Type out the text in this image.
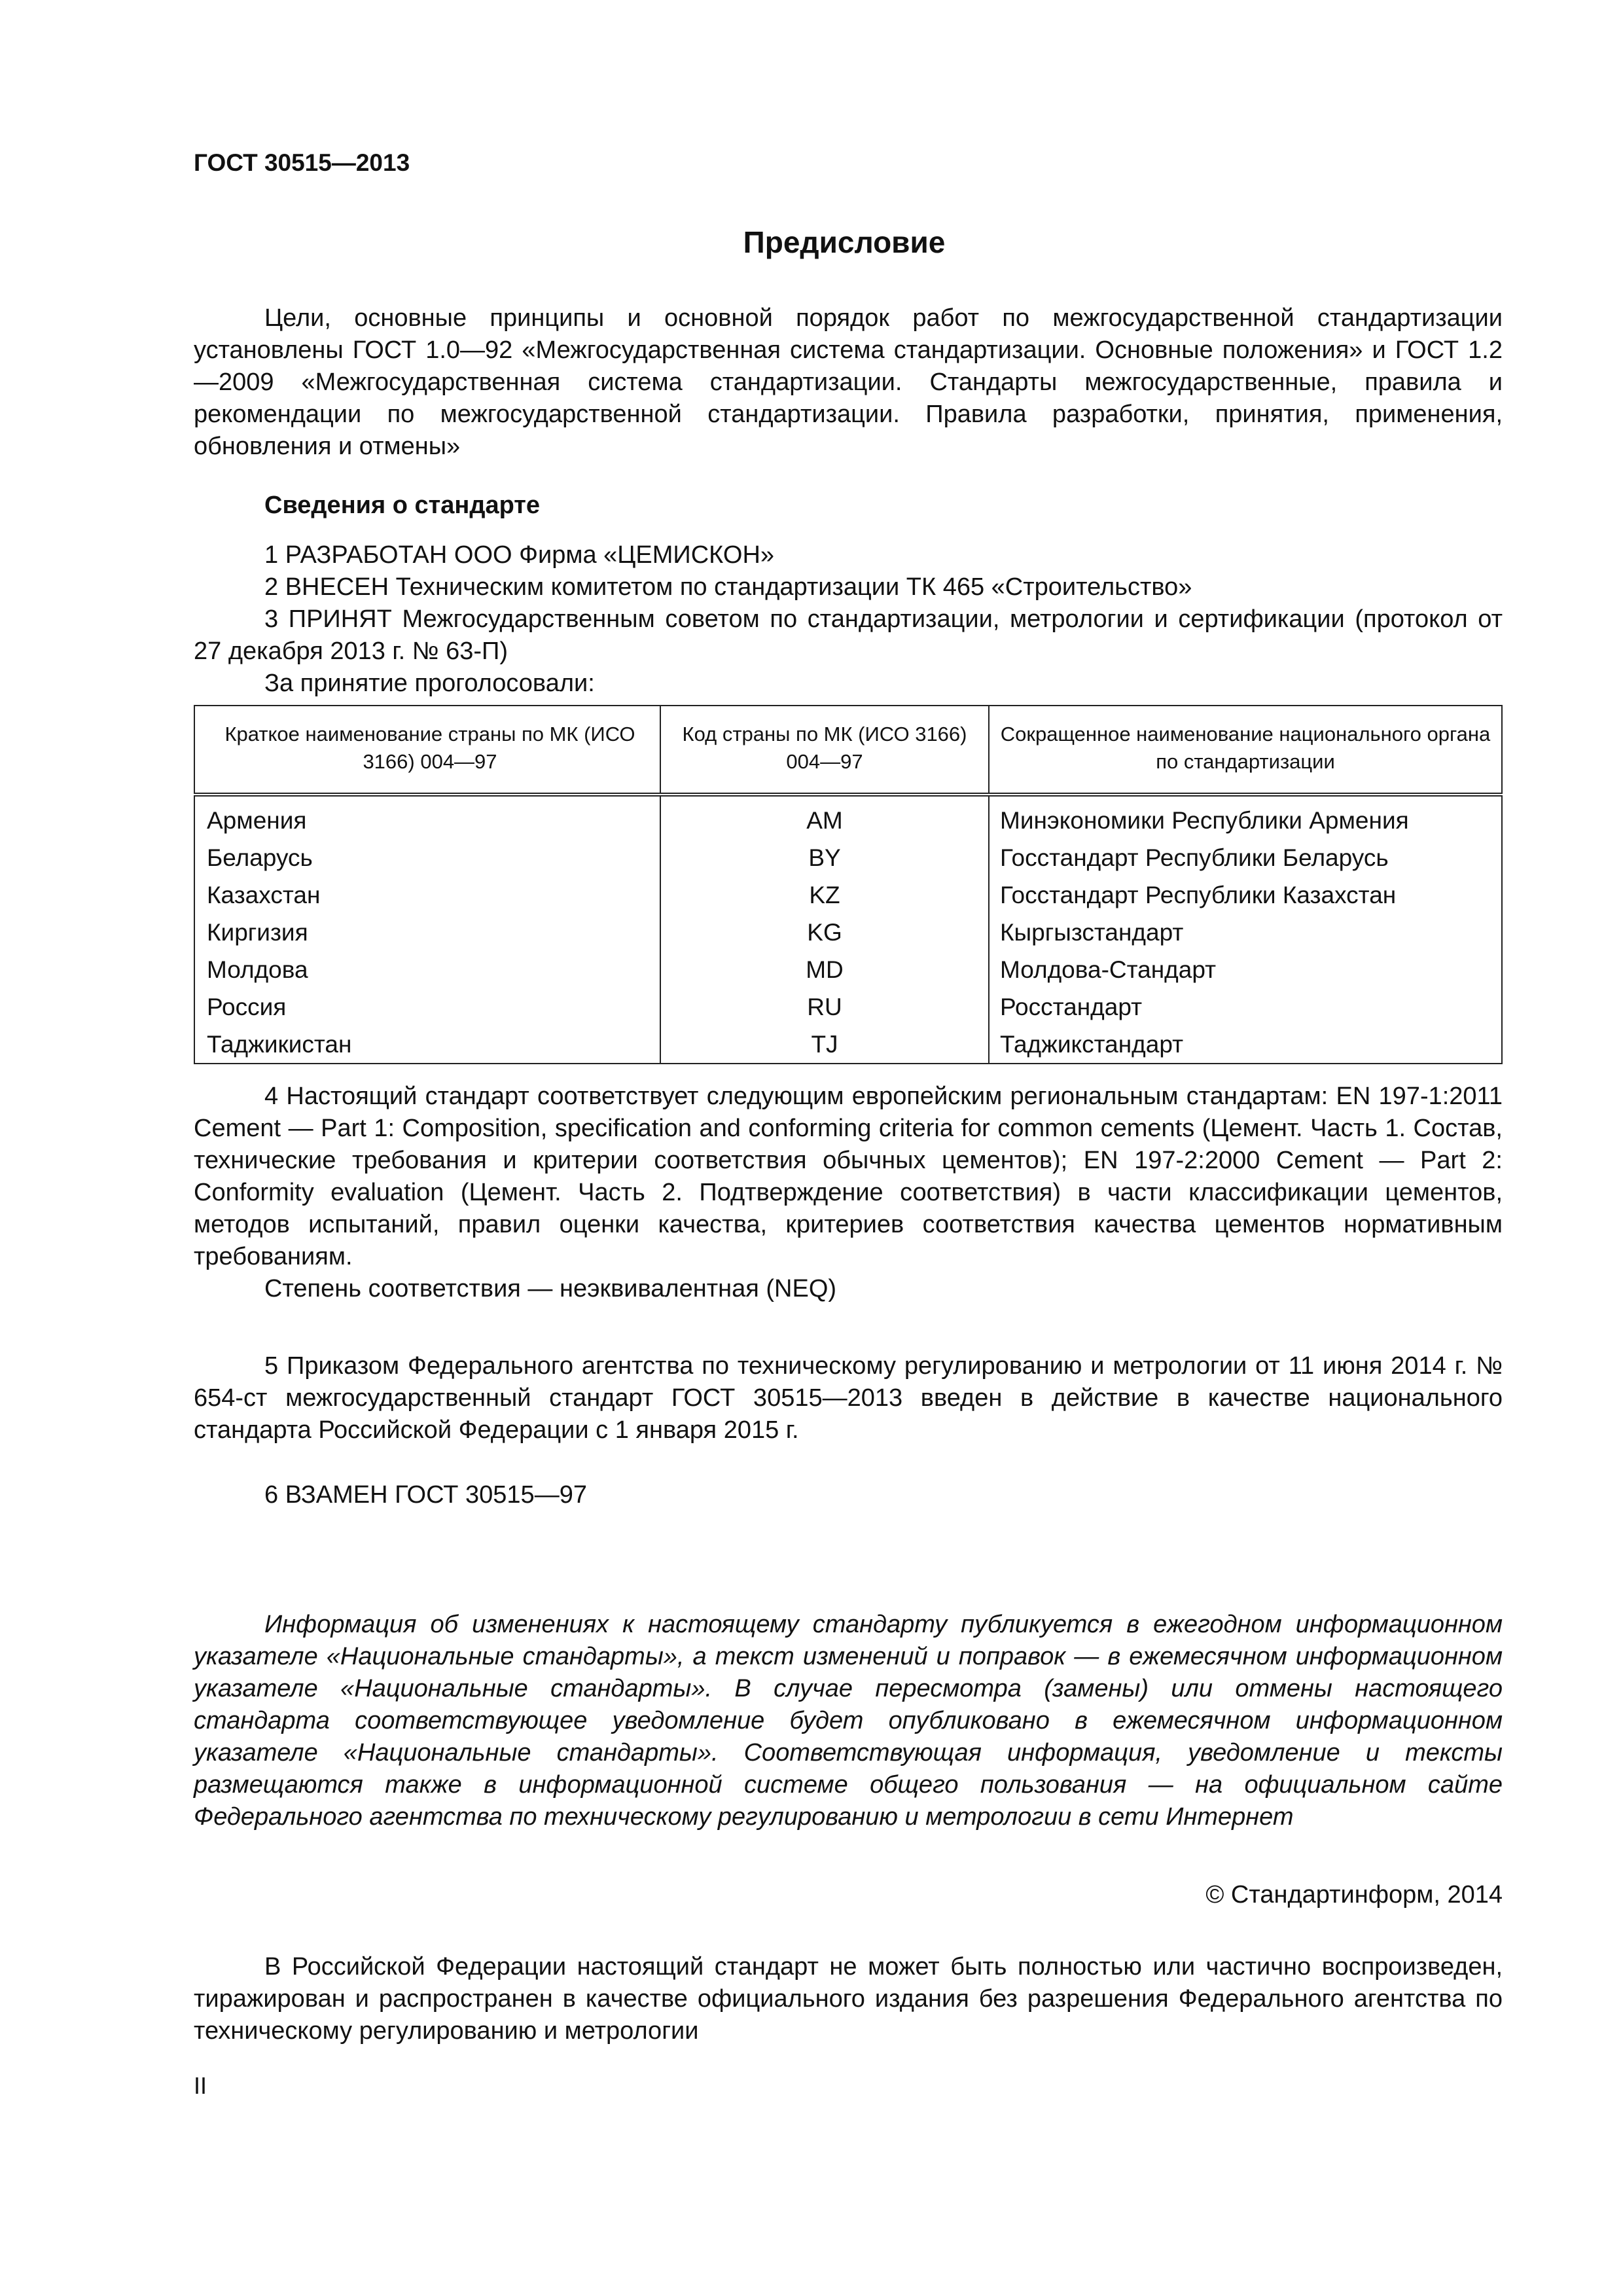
ГОСТ 30515—2013
Предисловие
Цели, основные принципы и основной порядок работ по межгосударственной стандартизации установлены ГОСТ 1.0—92 «Межгосударственная система стандартизации. Основные положения» и ГОСТ 1.2—2009 «Межгосударственная система стандартизации. Стандарты межгосударственные, правила и рекомендации по межгосударственной стандартизации. Правила разработки, принятия, применения, обновления и отмены»
Сведения о стандарте
1 РАЗРАБОТАН ООО Фирма «ЦЕМИСКОН»
2 ВНЕСЕН Техническим комитетом по стандартизации ТК 465 «Строительство»
3 ПРИНЯТ Межгосударственным советом по стандартизации, метрологии и сертификации (протокол от 27 декабря 2013 г. № 63-П)
За принятие проголосовали:
Краткое наименование страны по МК (ИСО 3166) 004—97	Код страны по МК (ИСО 3166) 004—97	Сокращенное наименование национального органа по стандартизации
Армения	AM	Минэкономики Республики Армения
Беларусь	BY	Госстандарт Республики Беларусь
Казахстан	KZ	Госстандарт Республики Казахстан
Киргизия	KG	Кыргызстандарт
Молдова	MD	Молдова-Стандарт
Россия	RU	Росстандарт
Таджикистан	TJ	Таджикстандарт
4 Настоящий стандарт соответствует следующим европейским региональным стандартам: EN 197-1:2011 Cement — Part 1: Composition, specification and conforming criteria for common cements (Цемент. Часть 1. Состав, технические требования и критерии соответствия обычных цементов); EN 197-2:2000 Cement — Part 2: Conformity evaluation (Цемент. Часть 2. Подтверждение соответствия) в части классификации цементов, методов испытаний, правил оценки качества, критериев соответствия качества цементов нормативным требованиям.
Степень соответствия — неэквивалентная (NEQ)
5 Приказом Федерального агентства по техническому регулированию и метрологии от 11 июня 2014 г. № 654-ст межгосударственный стандарт ГОСТ 30515—2013 введен в действие в качестве национального стандарта Российской Федерации с 1 января 2015 г.
6 ВЗАМЕН ГОСТ 30515—97
Информация об изменениях к настоящему стандарту публикуется в ежегодном информационном указателе «Национальные стандарты», а текст изменений и поправок — в ежемесячном информационном указателе «Национальные стандарты». В случае пересмотра (замены) или отмены настоящего стандарта соответствующее уведомление будет опубликовано в ежемесячном информационном указателе «Национальные стандарты». Соответствующая информация, уведомление и тексты размещаются также в информационной системе общего пользования — на официальном сайте Федерального агентства по техническому регулированию и метрологии в сети Интернет
© Стандартинформ, 2014
В Российской Федерации настоящий стандарт не может быть полностью или частично воспроизведен, тиражирован и распространен в качестве официального издания без разрешения Федерального агентства по техническому регулированию и метрологии
II
